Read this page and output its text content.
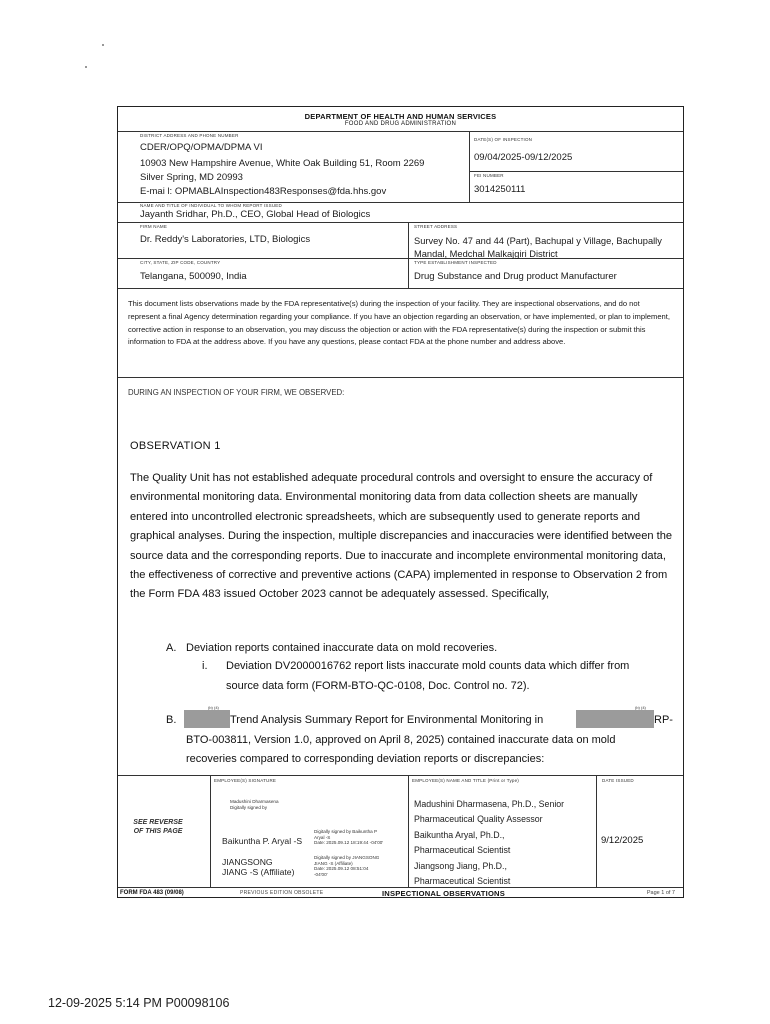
DEPARTMENT OF HEALTH AND HUMAN SERVICES
FOOD AND DRUG ADMINISTRATION
DISTRICT ADDRESS AND PHONE NUMBER
CDER/OPQ/OPMA/DPMA VI
10903 New Hampshire Avenue, White Oak Building 51, Room 2269
Silver Spring, MD 20993
E-mai l: OPMABLAInspection483Responses@fda.hhs.gov
DATE(S) OF INSPECTION
09/04/2025-09/12/2025
FEI NUMBER
3014250111
NAME AND TITLE OF INDIVIDUAL TO WHOM REPORT ISSUED
Jayanth Sridhar, Ph.D., CEO, Global Head of Biologics
FIRM NAME
Dr. Reddy's Laboratories, LTD, Biologics
STREET ADDRESS
Survey No. 47 and 44 (Part), Bachupal y Village, Bachupally
Mandal, Medchal Malkajgiri District
CITY, STATE, ZIP CODE, COUNTRY
Telangana, 500090, India
TYPE ESTABLISHMENT INSPECTED
Drug Substance and Drug product Manufacturer
This document lists observations made by the FDA representative(s) during the inspection of your facility. They are inspectional observations, and do not represent a final Agency determination regarding your compliance. If you have an objection regarding an observation, or have implemented, or plan to implement, corrective action in response to an observation, you may discuss the objection or action with the FDA representative(s) during the inspection or submit this information to FDA at the address above. If you have any questions, please contact FDA at the phone number and address above.
DURING AN INSPECTION OF YOUR FIRM, WE OBSERVED:
OBSERVATION 1
The Quality Unit has not established adequate procedural controls and oversight to ensure the accuracy of environmental monitoring data. Environmental monitoring data from data collection sheets are manually entered into uncontrolled electronic spreadsheets, which are subsequently used to generate reports and graphical analyses. During the inspection, multiple discrepancies and inaccuracies were identified between the source data and the corresponding reports. Due to inaccurate and incomplete environmental monitoring data, the effectiveness of corrective and preventive actions (CAPA) implemented in response to Observation 2 from the Form FDA 483 issued October 2023 cannot be adequately assessed. Specifically,
A. Deviation reports contained inaccurate data on mold recoveries.
i. Deviation DV2000016762 report lists inaccurate mold counts data which differ from
source data form (FORM-BTO-QC-0108, Doc. Control no. 72).
B.
(b) (4)
Trend Analysis Summary Report for Environmental Monitoring in
(b) (4)
RP-
BTO-003811, Version 1.0, approved on April 8, 2025) contained inaccurate data on mold
recoveries compared to corresponding deviation reports or discrepancies:
SEE REVERSE OF THIS PAGE
EMPLOYEE(S) SIGNATURE	EMPLOYEE(S) NAME AND TITLE (Print or Type)	DATE ISSUED
Madushini Dharmasena
Digitally signed by
Baikuntha P. Aryal -S
Digitally signed by Baikuntha P
Aryal -S
Date: 2025.09.12 18:19:44 -04'00'
JIANGSONG
JIANG -S (Affiliate)
Digitally signed by JIANGSONG
JIANG -S (Affiliate)
Date: 2025.09.12 08:51:04
-04'00'
Madushini Dharmasena, Ph.D., Senior
Pharmaceutical Quality Assessor
Baikuntha Aryal, Ph.D.,
Pharmaceutical Scientist
Jiangsong Jiang, Ph.D.,
Pharmaceutical Scientist
9/12/2025
FORM FDA 483 (09/08)	PREVIOUS EDITION OBSOLETE	INSPECTIONAL OBSERVATIONS	Page 1 of 7
12-09-2025 5:14 PM P00098106
